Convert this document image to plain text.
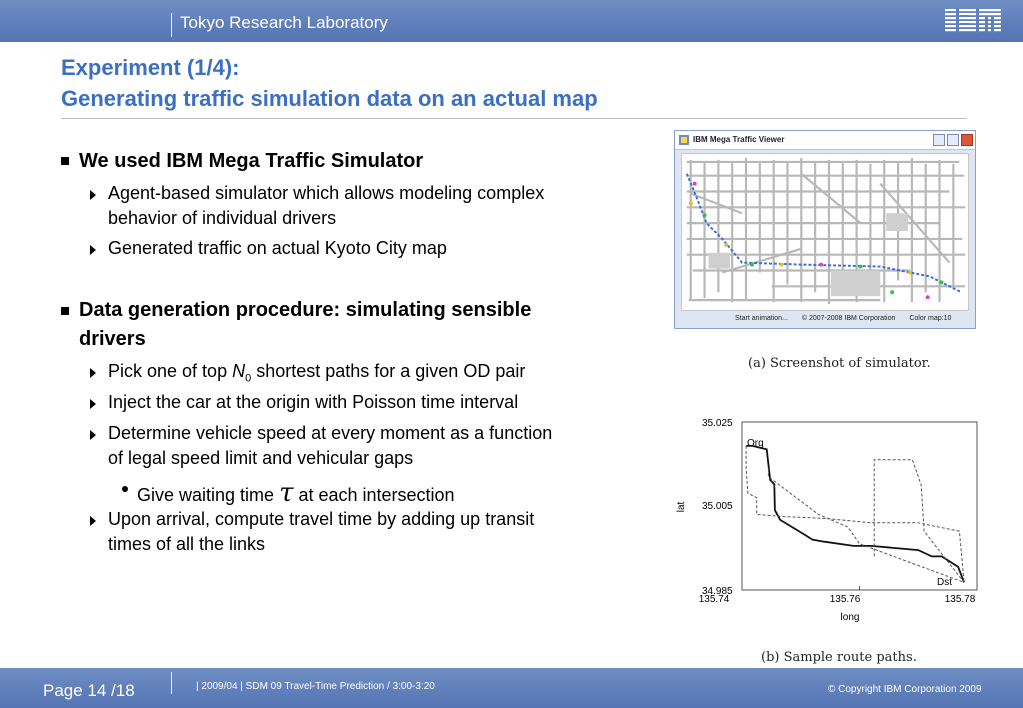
Tokyo Research Laboratory
Experiment (1/4):
Generating traffic simulation data on an actual map
We used IBM Mega Traffic Simulator
Agent-based simulator which allows modeling complex
behavior of individual drivers
Generated traffic on actual Kyoto City map
Data generation procedure: simulating sensible
drivers
Pick one of top $N_0$ shortest paths for a given OD pair
Inject the car at the origin with Poisson time interval
Determine vehicle speed at every moment as a function
of legal speed limit and vehicular gaps
Give waiting time τ at each intersection
Upon arrival, compute travel time by adding up transit
times of all the links
IBM Mega Traffic Viewer
Start animation... © 2007-2008 IBM Corporation Color map:10
(a) Screenshot of simulator.
135.74	135.76	135.78
35.025
35.005
34.985
long
lat
Org
Dst
(b) Sample route paths.
Page 14 /18	| 2009/04 | SDM 09 Travel-Time Prediction / 3:00-3:20	© Copyright IBM Corporation 2009
